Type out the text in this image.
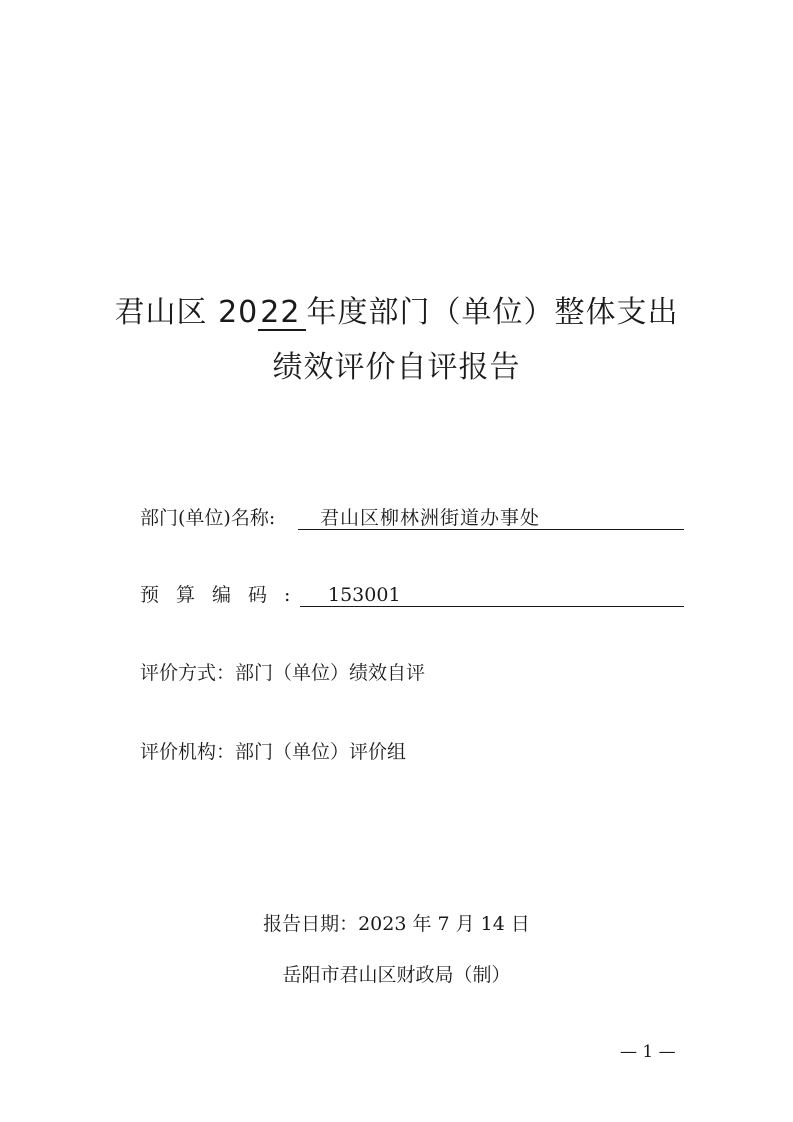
君山区 2022 年度部门（单位）整体支出
绩效评价自评报告
部门(单位)名称:	君山区柳林洲街道办事处
预 算 编 码 :	153001
评价方式：部门（单位）绩效自评
评价机构：部门（单位）评价组
报告日期：2023 年 7 月 14 日
岳阳市君山区财政局（制）
— 1 —
